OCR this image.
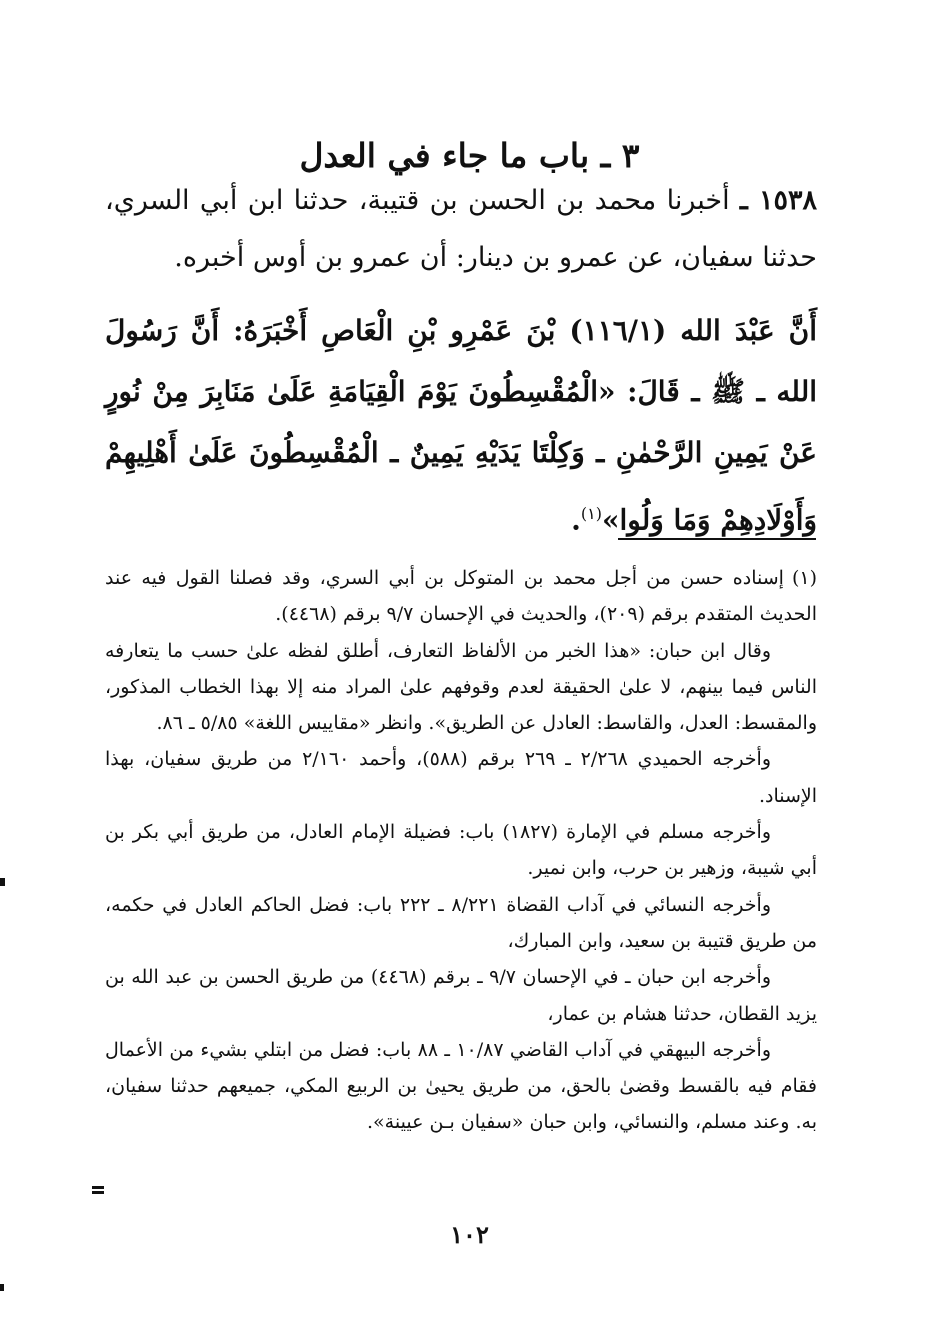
٣ ـ باب ما جاء في العدل

١٥٣٨ ـ أخبرنا محمد بن الحسن بن قتيبة، حدثنا ابن أبي السري، حدثنا سفيان، عن عمرو بن دينار: أن عمرو بن أوس أخبره.

أَنَّ عَبْدَ الله (١١٦/١) بْنَ عَمْرِو بْنِ الْعَاصِ أَخْبَرَهُ: أَنَّ رَسُولَ الله ـ ﷺ ـ قَالَ: «الْمُقْسِطُونَ يَوْمَ الْقِيَامَةِ عَلَىٰ مَنَابِرَ مِنْ نُورٍ عَنْ يَمِينِ الرَّحْمٰنِ ـ وَكِلْتَا يَدَيْهِ يَمِينٌ ـ الْمُقْسِطُونَ عَلَىٰ أَهْلِيهِمْ وَأَوْلَادِهِمْ وَمَا وَلُوا»$^{(١)}$.

(١)إسناده حسن من أجل محمد بن المتوكل بن أبي السري، وقد فصلنا القول فيه عند الحديث المتقدم برقم (٢٠٩)، والحديث في الإحسان ٩/٧ برقم (٤٤٦٨).

وقال ابن حبان: «هذا الخبر من الألفاظ التعارف، أطلق لفظه علىٰ حسب ما يتعارفه الناس فيما بينهم، لا علىٰ الحقيقة لعدم وقوفهم علىٰ المراد منه إلا بهذا الخطاب المذكور، والمقسط: العدل، والقاسط: العادل عن الطريق». وانظر «مقاييس اللغة» ٥/٨٥ ـ ٨٦.

وأخرجه الحميدي ٢/٢٦٨ ـ ٢٦٩ برقم (٥٨٨)، وأحمد ٢/١٦٠ من طريق سفيان، بهذا الإسناد.

وأخرجه مسلم في الإمارة (١٨٢٧) باب: فضيلة الإمام العادل، من طريق أبي بكر بن أبي شيبة، وزهير بن حرب، وابن نمير.

وأخرجه النسائي في آداب القضاة ٨/٢٢١ ـ ٢٢٢ باب: فضل الحاكم العادل في حكمه، من طريق قتيبة بن سعيد، وابن المبارك،

وأخرجه ابن حبان ـ في الإحسان ٩/٧ ـ برقم (٤٤٦٨) من طريق الحسن بن عبد الله بن يزيد القطان، حدثنا هشام بن عمار،

وأخرجه البيهقي في آداب القاضي ١٠/٨٧ ـ ٨٨ باب: فضل من ابتلي بشيء من الأعمال فقام فيه بالقسط وقضىٰ بالحق، من طريق يحيىٰ بن الربيع المكي، جميعهم حدثنا سفيان، به. وعند مسلم، والنسائي، وابن حبان «سفيان بـن عيينة».

١٠٢
